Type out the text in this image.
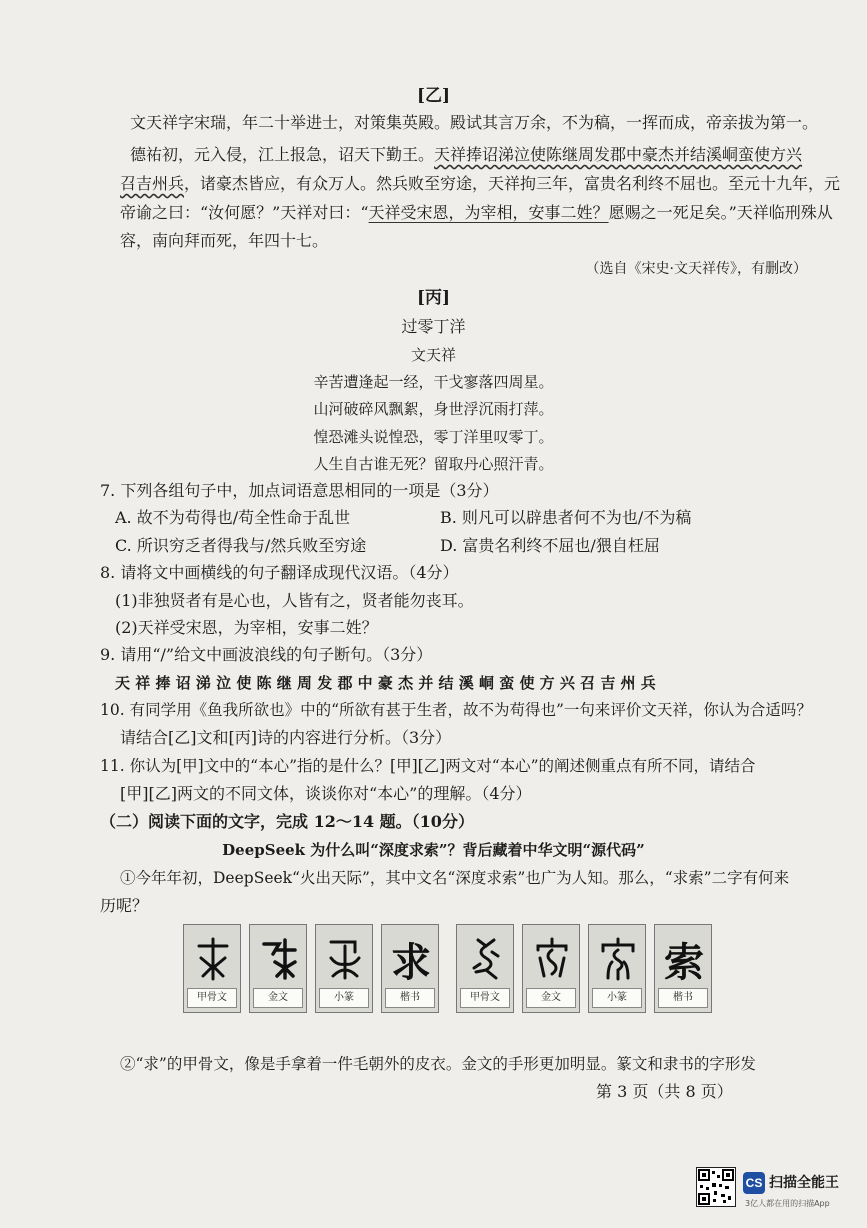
[乙]
文天祥字宋瑞，年二十举进士，对策集英殿。殿试其言万余，不为稿，一挥而成，帝亲拔为第一。
德祐初，元入侵，江上报急，诏天下勤王。天祥捧诏涕泣使陈继周发郡中豪杰并结溪峒蛮使方兴
召吉州兵，诸豪杰皆应，有众万人。然兵败至穷途，天祥拘三年，富贵名利终不屈也。至元十九年，元
帝谕之曰：“汝何愿？”天祥对曰：“天祥受宋恩，为宰相，安事二姓？愿赐之一死足矣。”天祥临刑殊从
容，南向拜而死，年四十七。
（选自《宋史·文天祥传》，有删改）
[丙]
过零丁洋
文天祥
辛苦遭逢起一经，干戈寥落四周星。
山河破碎风飘絮，身世浮沉雨打萍。
惶恐滩头说惶恐，零丁洋里叹零丁。
人生自古谁无死？留取丹心照汗青。
7. 下列各组句子中，加点词语意思相同的一项是（3分）
A. 故不为苟得也/苟全性命于乱世	B. 则凡可以辟患者何不为也/不为稿
C. 所识穷乏者得我与/然兵败至穷途	D. 富贵名利终不屈也/猥自枉屈
8. 请将文中画横线的句子翻译成现代汉语。（4分）
(1)非独贤者有是心也，人皆有之，贤者能勿丧耳。
(2)天祥受宋恩，为宰相，安事二姓？
9. 请用“/”给文中画波浪线的句子断句。（3分）
天 祥 捧 诏 涕 泣 使 陈 继 周 发 郡 中 豪 杰 并 结 溪 峒 蛮 使 方 兴 召 吉 州 兵
10. 有同学用《鱼我所欲也》中的“所欲有甚于生者，故不为苟得也”一句来评价文天祥，你认为合适吗？
请结合[乙]文和[丙]诗的内容进行分析。（3分）
11. 你认为[甲]文中的“本心”指的是什么？[甲][乙]两文对“本心”的阐述侧重点有所不同，请结合
[甲][乙]两文的不同文体，谈谈你对“本心”的理解。（4分）
（二）阅读下面的文字，完成 12～14 题。（10分）
DeepSeek 为什么叫“深度求索”？背后藏着中华文明“源代码”
①今年年初，DeepSeek“火出天际”，其中文名“深度求索”也广为人知。那么，“求索”二字有何来
历呢？
甲骨文	金文	小篆
求
楷书	甲骨文	金文	小篆
索
楷书
②“求”的甲骨文，像是手拿着一件毛朝外的皮衣。金文的手形更加明显。篆文和隶书的字形发
第 3 页（共 8 页）
CS 扫描全能王
3亿人都在用的扫描App
